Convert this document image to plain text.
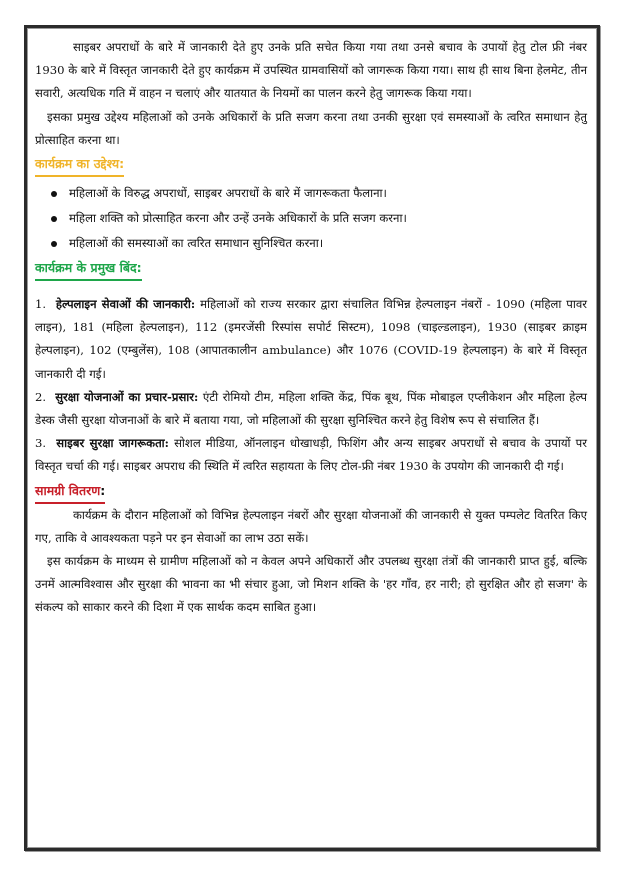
साइबर अपराधों के बारे में जानकारी देते हुए उनके प्रति सचेत किया गया तथा उनसे बचाव के उपायों हेतु टोल फ्री नंबर 1930 के बारे में विस्तृत जानकारी देते हुए कार्यक्रम में उपस्थित ग्रामवासियों को जागरूक किया गया। साथ ही साथ बिना हेलमेट, तीन सवारी, अत्यधिक गति में वाहन न चलाएं और यातयात के नियमों का पालन करने हेतु जागरूक किया गया।

इसका प्रमुख उद्देश्य महिलाओं को उनके अधिकारों के प्रति सजग करना तथा उनकी सुरक्षा एवं समस्याओं के त्वरित समाधान हेतु प्रोत्साहित करना था।

कार्यक्रम का उद्देश्य:
महिलाओं के विरुद्ध अपराधों, साइबर अपराधों के बारे में जागरूकता फैलाना।
महिला शक्ति को प्रोत्साहित करना और उन्हें उनके अधिकारों के प्रति सजग करना।
महिलाओं की समस्याओं का त्वरित समाधान सुनिश्चित करना।
कार्यक्रम के प्रमुख बिंद:

1. हेल्पलाइन सेवाओं की जानकारी: महिलाओं को राज्य सरकार द्वारा संचालित विभिन्न हेल्पलाइन नंबरों - 1090 (महिला पावर लाइन), 181 (महिला हेल्पलाइन), 112 (इमरजेंसी रिस्पांस सपोर्ट सिस्टम), 1098 (चाइल्डलाइन), 1930 (साइबर क्राइम हेल्पलाइन), 102 (एम्बुलेंस), 108 (आपातकालीन ambulance) और 1076 (COVID-19 हेल्पलाइन) के बारे में विस्तृत जानकारी दी गई।

2. सुरक्षा योजनाओं का प्रचार-प्रसार: एंटी रोमियो टीम, महिला शक्ति केंद्र, पिंक बूथ, पिंक मोबाइल एप्लीकेशन और महिला हेल्प डेस्क जैसी सुरक्षा योजनाओं के बारे में बताया गया, जो महिलाओं की सुरक्षा सुनिश्चित करने हेतु विशेष रूप से संचालित हैं।

3. साइबर सुरक्षा जागरूकता: सोशल मीडिया, ऑनलाइन धोखाधड़ी, फिशिंग और अन्य साइबर अपराधों से बचाव के उपायों पर विस्तृत चर्चा की गई। साइबर अपराध की स्थिति में त्वरित सहायता के लिए टोल-फ्री नंबर 1930 के उपयोग की जानकारी दी गई।

सामग्री वितरण:

कार्यक्रम के दौरान महिलाओं को विभिन्न हेल्पलाइन नंबरों और सुरक्षा योजनाओं की जानकारी से युक्त पम्पलेट वितरित किए गए, ताकि वे आवश्यकता पड़ने पर इन सेवाओं का लाभ उठा सकें।

इस कार्यक्रम के माध्यम से ग्रामीण महिलाओं को न केवल अपने अधिकारों और उपलब्ध सुरक्षा तंत्रों की जानकारी प्राप्त हुई, बल्कि उनमें आत्मविश्वास और सुरक्षा की भावना का भी संचार हुआ, जो मिशन शक्ति के 'हर गाँव, हर नारी; हो सुरक्षित और हो सजग' के संकल्प को साकार करने की दिशा में एक सार्थक कदम साबित हुआ।
